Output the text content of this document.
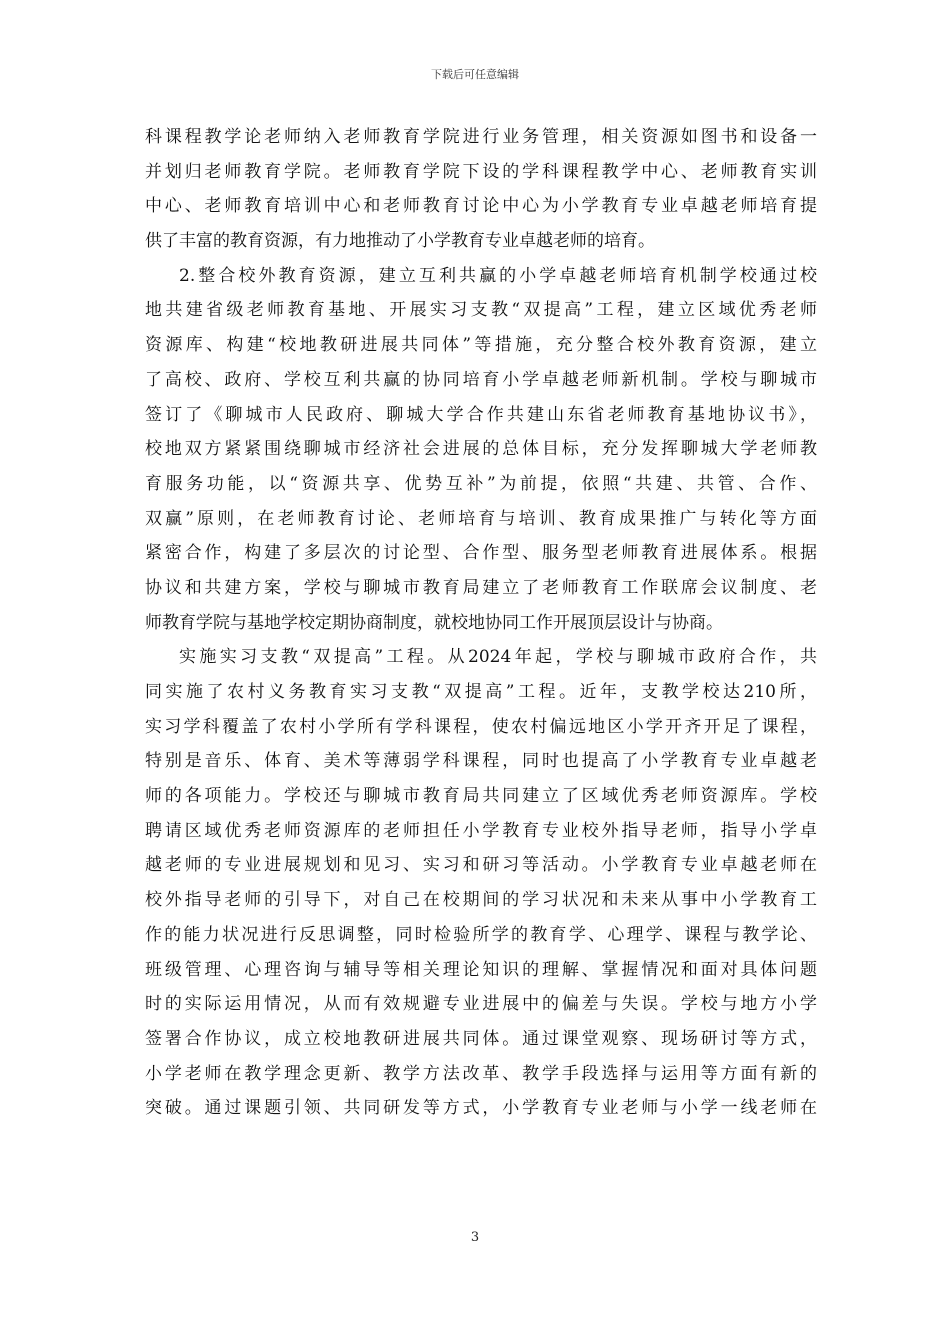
下载后可任意编辑
科课程教学论老师纳入老师教育学院进行业务管理，相关资源如图书和设备一
并划归老师教育学院。老师教育学院下设的学科课程教学中心、老师教育实训
中心、老师教育培训中心和老师教育讨论中心为小学教育专业卓越老师培育提
供了丰富的教育资源，有力地推动了小学教育专业卓越老师的培育。
2.整合校外教育资源，建立互利共赢的小学卓越老师培育机制学校通过校
地共建省级老师教育基地、开展实习支教“双提高”工程，建立区域优秀老师
资源库、构建“校地教研进展共同体”等措施，充分整合校外教育资源，建立
了高校、政府、学校互利共赢的协同培育小学卓越老师新机制。学校与聊城市
签订了《聊城市人民政府、聊城大学合作共建山东省老师教育基地协议书》，
校地双方紧紧围绕聊城市经济社会进展的总体目标，充分发挥聊城大学老师教
育服务功能，以“资源共享、优势互补”为前提，依照“共建、共管、合作、
双赢”原则，在老师教育讨论、老师培育与培训、教育成果推广与转化等方面
紧密合作，构建了多层次的讨论型、合作型、服务型老师教育进展体系。根据
协议和共建方案，学校与聊城市教育局建立了老师教育工作联席会议制度、老
师教育学院与基地学校定期协商制度，就校地协同工作开展顶层设计与协商。
实施实习支教“双提高”工程。从2024年起，学校与聊城市政府合作，共
同实施了农村义务教育实习支教“双提高”工程。近年，支教学校达210所，
实习学科覆盖了农村小学所有学科课程，使农村偏远地区小学开齐开足了课程，
特别是音乐、体育、美术等薄弱学科课程，同时也提高了小学教育专业卓越老
师的各项能力。学校还与聊城市教育局共同建立了区域优秀老师资源库。学校
聘请区域优秀老师资源库的老师担任小学教育专业校外指导老师，指导小学卓
越老师的专业进展规划和见习、实习和研习等活动。小学教育专业卓越老师在
校外指导老师的引导下，对自己在校期间的学习状况和未来从事中小学教育工
作的能力状况进行反思调整，同时检验所学的教育学、心理学、课程与教学论、
班级管理、心理咨询与辅导等相关理论知识的理解、掌握情况和面对具体问题
时的实际运用情况，从而有效规避专业进展中的偏差与失误。学校与地方小学
签署合作协议，成立校地教研进展共同体。通过课堂观察、现场研讨等方式，
小学老师在教学理念更新、教学方法改革、教学手段选择与运用等方面有新的
突破。通过课题引领、共同研发等方式，小学教育专业老师与小学一线老师在
3
